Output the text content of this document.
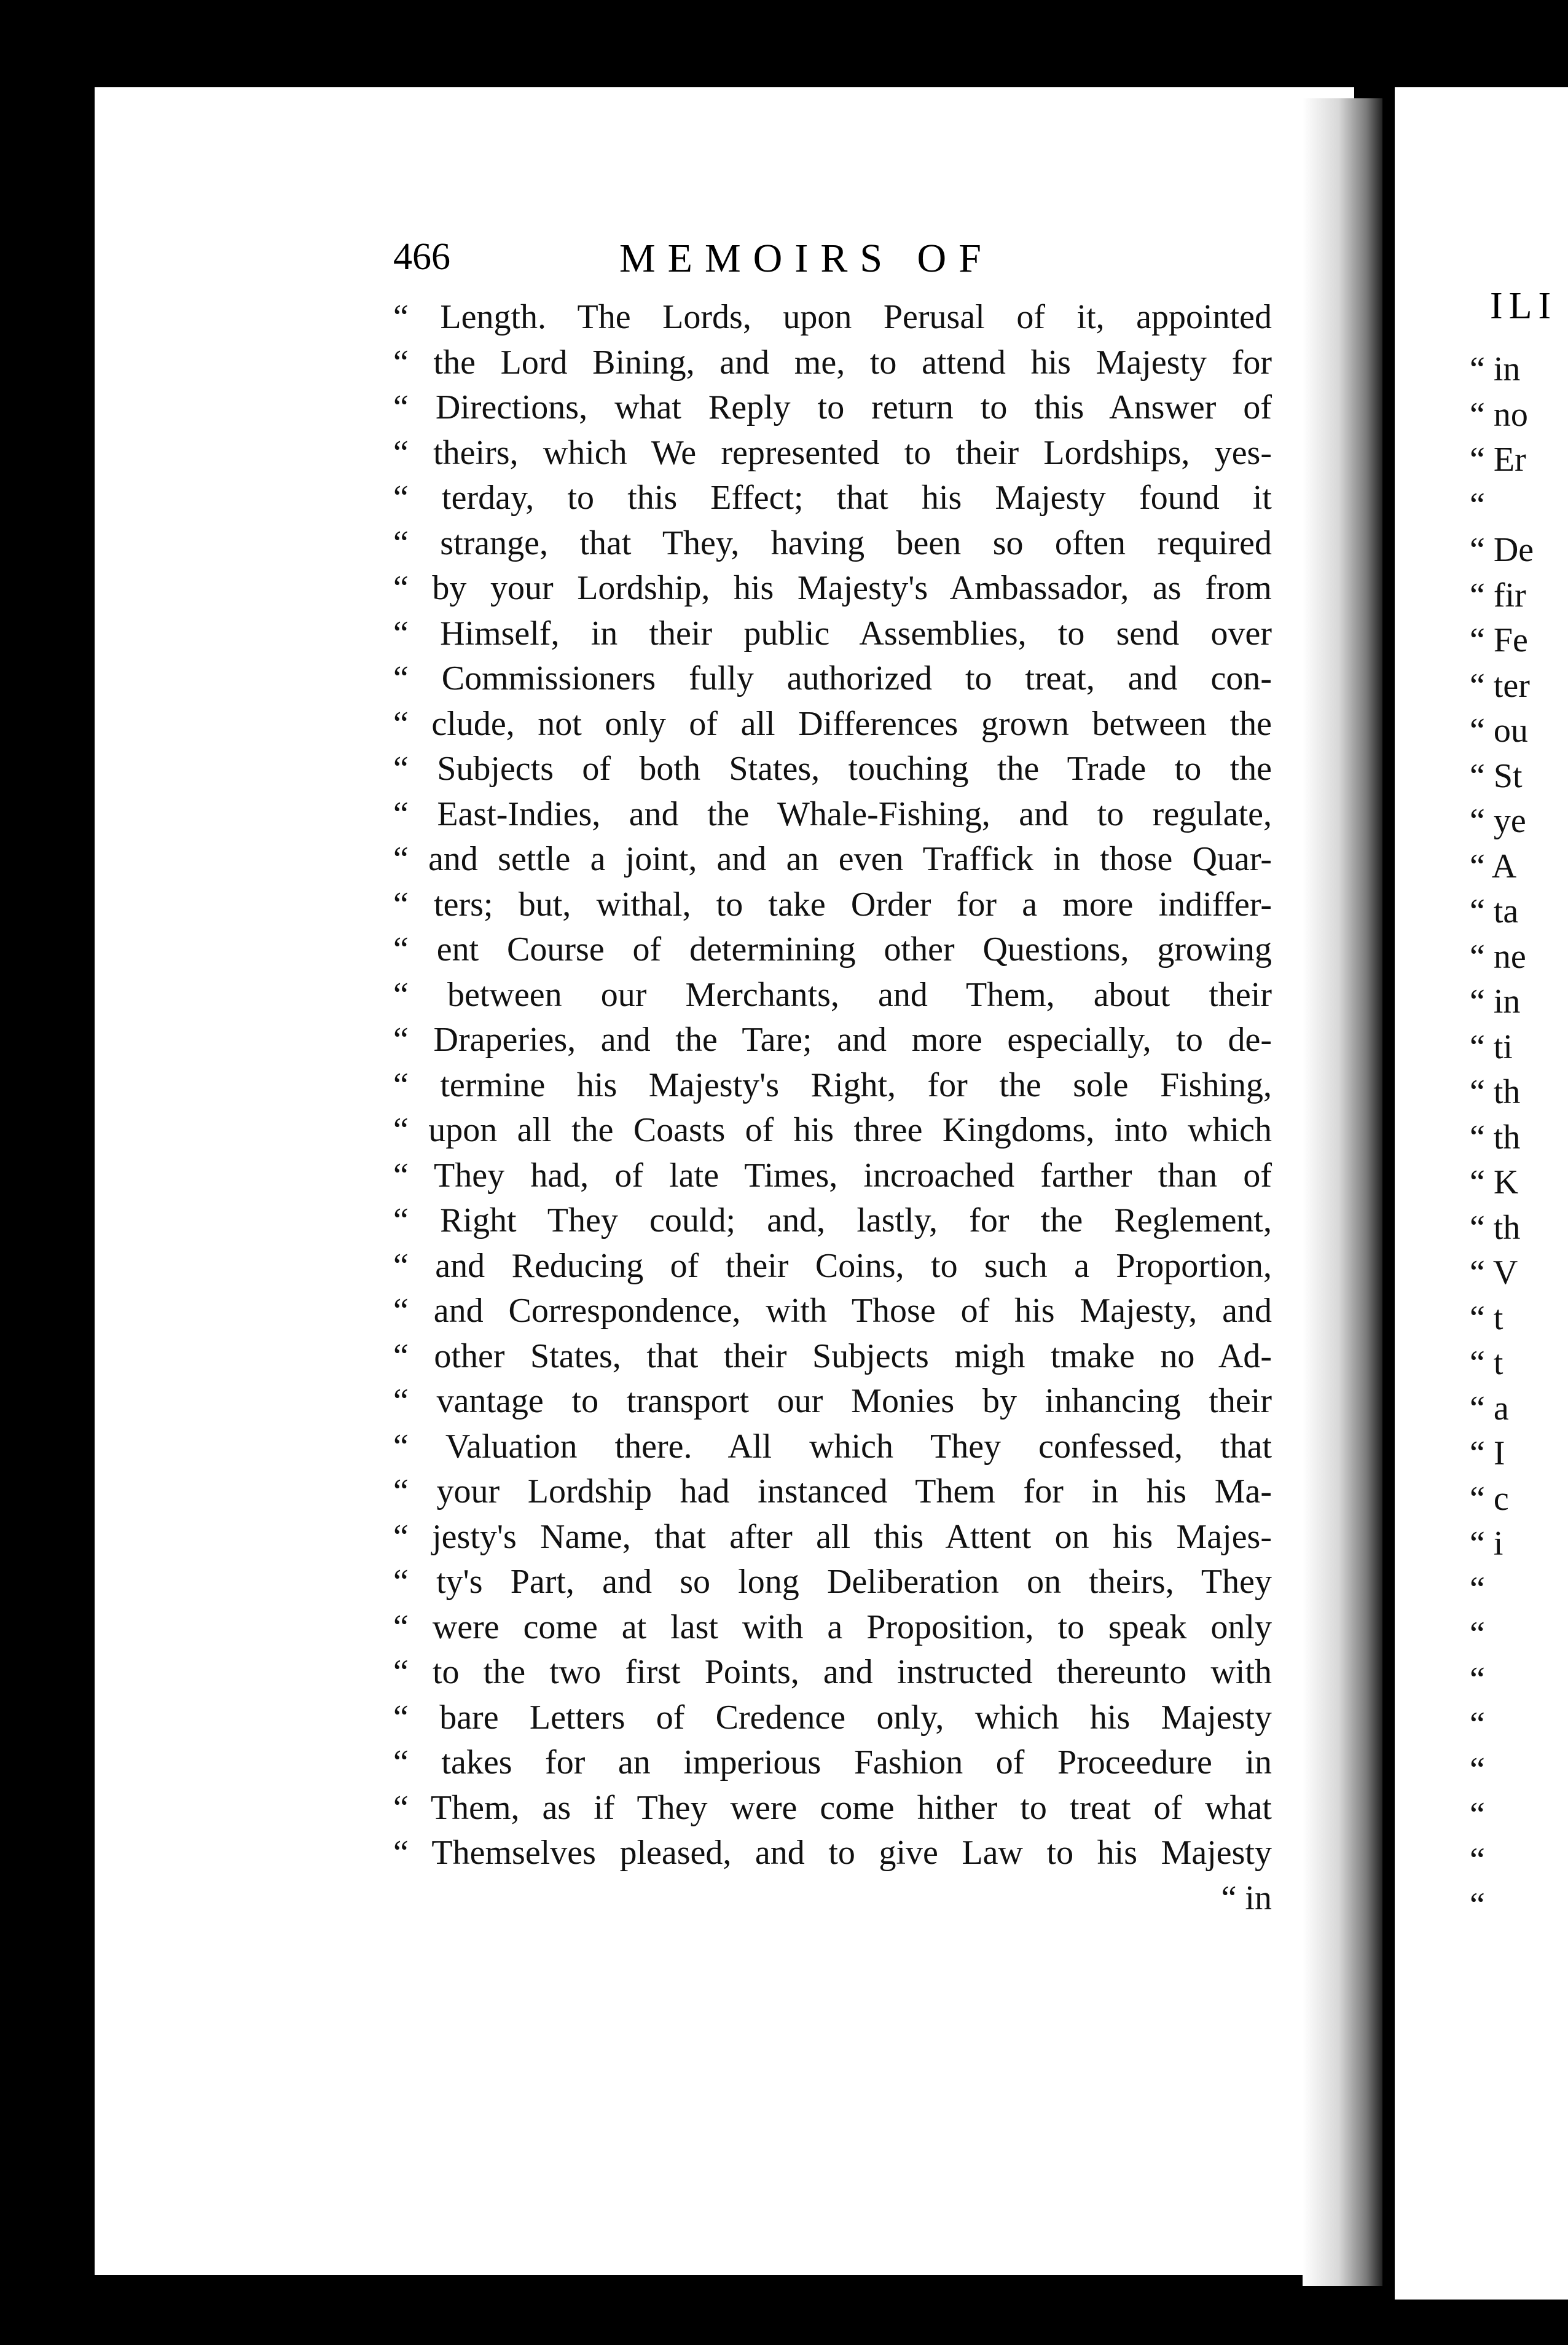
466	MEMOIRS OF
“ Length. The Lords, upon Perusal of it, appointed
“ the Lord Bining, and me, to attend his Majesty for
“ Directions, what Reply to return to this Answer of
“ theirs, which We represented to their Lordships, yes-
“ terday, to this Effect; that his Majesty found it
“ strange, that They, having been so often required
“ by your Lordship, his Majesty's Ambassador, as from
“ Himself, in their public Assemblies, to send over
“ Commissioners fully authorized to treat, and con-
“ clude, not only of all Differences grown between the
“ Subjects of both States, touching the Trade to the
“ East-Indies, and the Whale-Fishing, and to regulate,
“ and settle a joint, and an even Traffick in those Quar-
“ ters; but, withal, to take Order for a more indiffer-
“ ent Course of determining other Questions, growing
“ between our Merchants, and Them, about their
“ Draperies, and the Tare; and more especially, to de-
“ termine his Majesty's Right, for the sole Fishing,
“ upon all the Coasts of his three Kingdoms, into which
“ They had, of late Times, incroached farther than of
“ Right They could; and, lastly, for the Reglement,
“ and Reducing of their Coins, to such a Proportion,
“ and Correspondence, with Those of his Majesty, and
“ other States, that their Subjects migh tmake no Ad-
“ vantage to transport our Monies by inhancing their
“ Valuation there. All which They confessed, that
“ your Lordship had instanced Them for in his Ma-
“ jesty's Name, that after all this Attent on his Majes-
“ ty's Part, and so long Deliberation on theirs, They
“ were come at last with a Proposition, to speak only
“ to the two first Points, and instructed thereunto with
“ bare Letters of Credence only, which his Majesty
“ takes for an imperious Fashion of Proceedure in
“ Them, as if They were come hither to treat of what
“ Themselves pleased, and to give Law to his Majesty
“ in
ILI
“ in
“ no
“ Er
“
“ De
“ fir
“ Fe
“ ter
“ ou
“ St
“ ye
“ A
“ ta
“ ne
“ in
“ ti
“ th
“ th
“ K
“ th
“ V
“ t
“ t
“ a
“ I
“ c
“ i
“
“
“
“
“
“
“
“
